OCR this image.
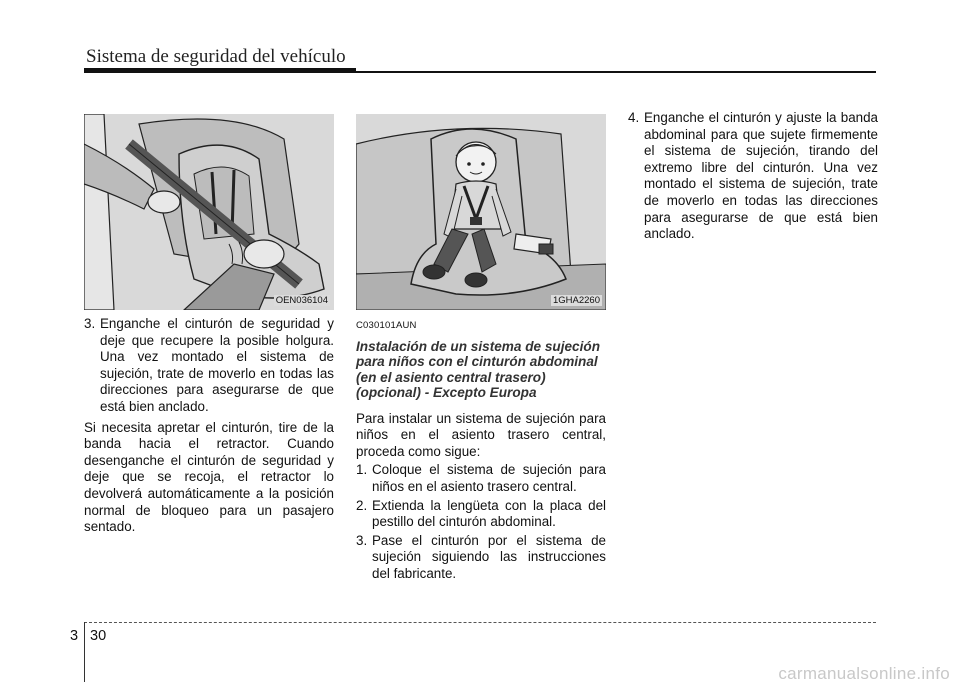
Sistema de seguridad del vehículo
OEN036104	1GHA2260
3. Enganche el cinturón de seguridad y deje que recupere la posible holgura. Una vez montado el sistema de sujeción, trate de moverlo en todas las direcciones para asegurarse de que está bien anclado.

Si necesita apretar el cinturón, tire de la banda hacia el retractor. Cuando desenganche el cinturón de seguridad y deje que se recoja, el retractor lo devolverá automáticamente a la posición normal de bloqueo para un pasajero sentado.

C030101AUN
Instalación de un sistema de sujeción para niños con el cinturón abdominal (en el asiento central trasero) (opcional) - Excepto Europa

Para instalar un sistema de sujeción para niños en el asiento trasero central, proceda como sigue:

1. Coloque el sistema de sujeción para niños en el asiento trasero central.
2. Extienda la lengüeta con la placa del pestillo del cinturón abdominal.
3. Pase el cinturón por el sistema de sujeción siguiendo las instrucciones del fabricante.
4. Enganche el cinturón y ajuste la banda abdominal para que sujete firmemente el sistema de sujeción, tirando del extremo libre del cinturón. Una vez montado el sistema de sujeción, trate de moverlo en todas las direcciones para asegurarse de que está bien anclado.
3 30
carmanualsonline.info
